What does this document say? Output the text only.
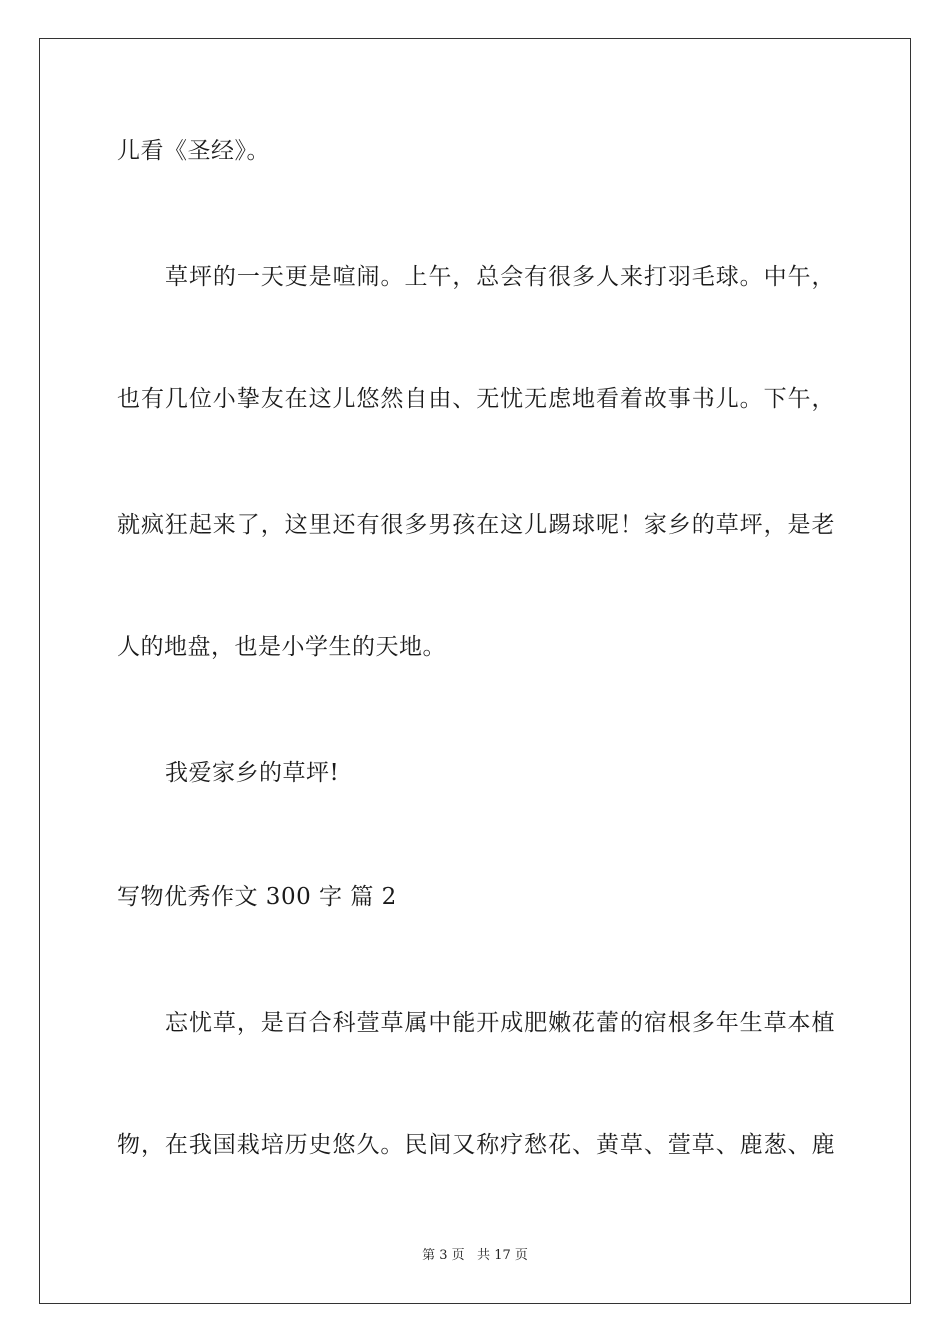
儿看《圣经》。
草坪的一天更是喧闹。上午，总会有很多人来打羽毛球。中午，
也有几位小挚友在这儿悠然自由、无忧无虑地看着故事书儿。下午，
就疯狂起来了，这里还有很多男孩在这儿踢球呢！家乡的草坪，是老
人的地盘，也是小学生的天地。
我爱家乡的草坪!
写物优秀作文 300 字 篇 2
忘忧草，是百合科萱草属中能开成肥嫩花蕾的宿根多年生草本植
物，在我国栽培历史悠久。民间又称疗愁花、黄草、萱草、鹿葱、鹿
第 3 页   共 17 页
